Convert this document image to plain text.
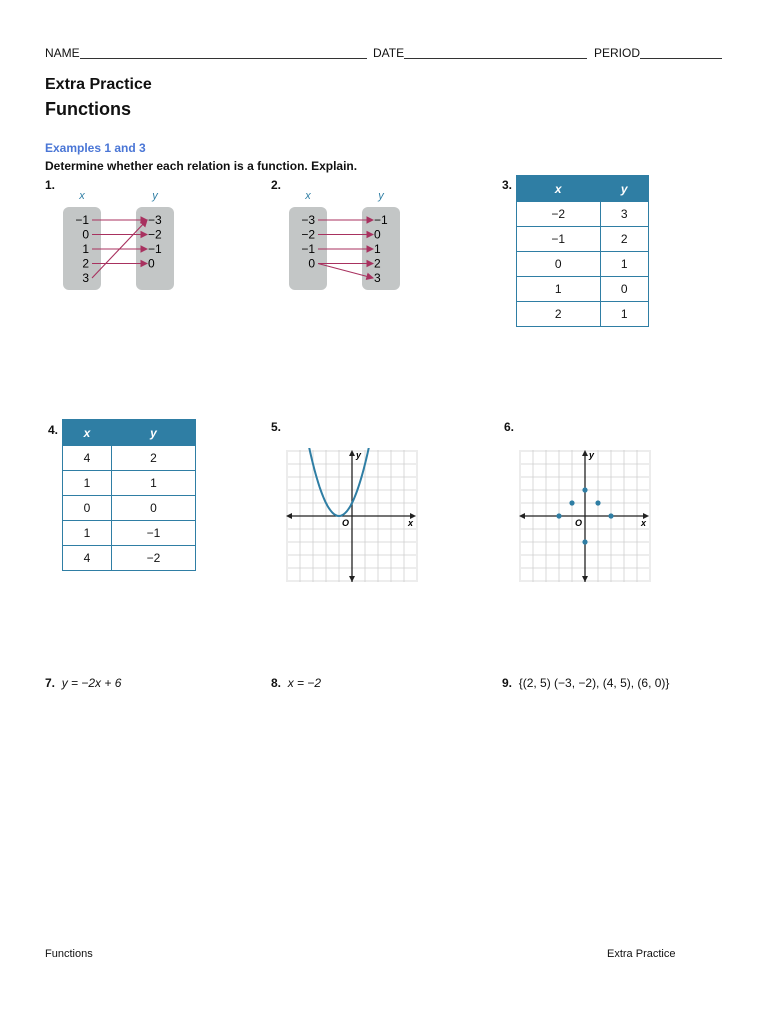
NAME	DATE	PERIOD
Extra Practice
Functions
Examples 1 and 3
Determine whether each relation is a function. Explain.
1.	2.	3.
4.	5.	6.
x	y
−1
0
1
2
3
−3
−2
−1
0
x	y
−3
−2
−1
0
−1
0
1
2
3
x	y
−2	3
−1	2
0	1
1	0
2	1
x	y
4	2
1	1
0	0
1	−1
4	−2
x
y
O	x
y
O
7. y = −2x + 6	8. x = −2	9. {(2, 5) (−3, −2), (4, 5), (6, 0)}
Functions	Extra Practice
